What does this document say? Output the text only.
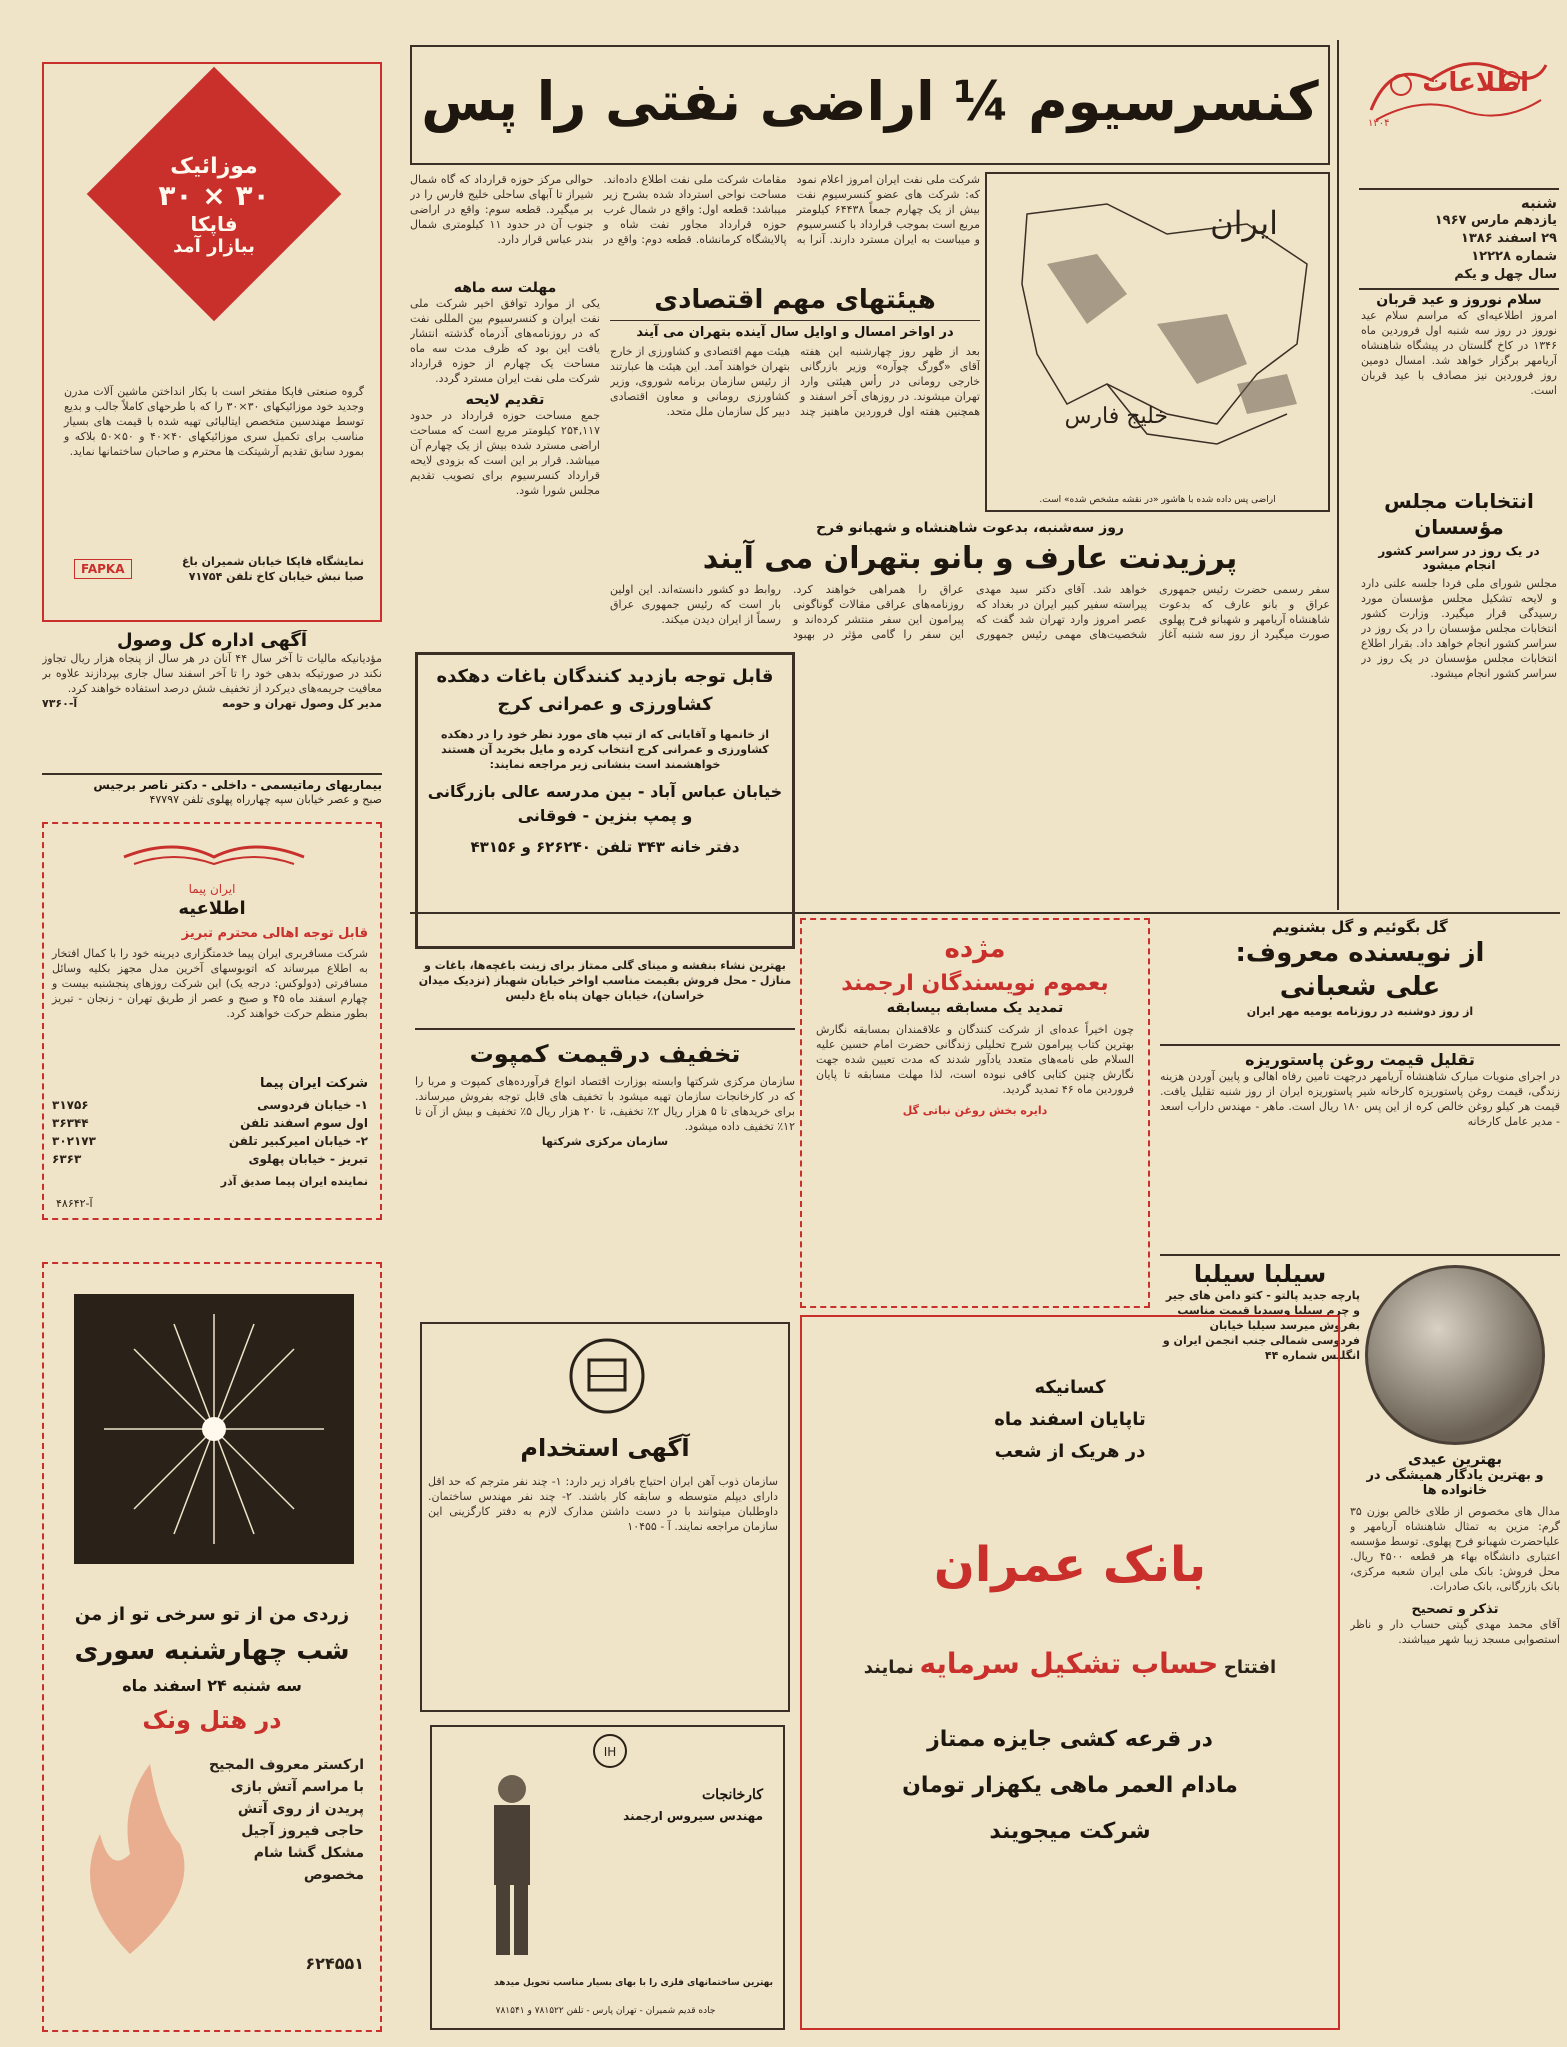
اطلاعات
۱۳۰۴
شنبه
یازدهم مارس ۱۹۶۷
۲۹ اسفند ۱۳۸۶
شماره ۱۲۲۲۸
سال چهل و یکم
سلام نوروز و عید قربان
امروز اطلاعیه‌ای که مراسم سلام عید نوروز در روز سه شنبه اول فروردین ماه ۱۳۴۶ در کاخ گلستان در پیشگاه شاهنشاه آریامهر برگزار خواهد شد. امسال دومین روز فروردین نیز مصادف با عید قربان است.
انتخابات مجلس مؤسسان
در یک روز در سراسر کشور انجام میشود
مجلس شورای ملی فردا جلسه علنی دارد و لایحه تشکیل مجلس مؤسسان مورد رسیدگی قرار میگیرد. وزارت کشور انتخابات مجلس مؤسسان را در یک روز در سراسر کشور انجام خواهد داد. بقرار اطلاع انتخابات مجلس مؤسسان در یک روز در سراسر کشور انجام میشود.
کنسرسیوم ¼ اراضی نفتی را پس
شرکت ملی نفت ایران امروز اعلام نمود که: شرکت های عضو کنسرسیوم نفت بیش از یک چهارم جمعاً ۶۴۴۳۸ کیلومتر مربع است بموجب قرارداد با کنسرسیوم و میباست به ایران مسترد دارند. آنرا به مقامات شرکت ملی نفت اطلاع داده‌اند. مساحت نواحی استرداد شده بشرح زیر میباشد: قطعه اول: واقع در شمال غرب حوزه قرارداد مجاور نفت شاه و پالایشگاه کرمانشاه. قطعه دوم: واقع در حوالی مرکز حوزه قرارداد که گاه شمال شیراز تا آبهای ساحلی خلیج فارس را در بر میگیرد. قطعه سوم: واقع در اراضی جنوب آن در حدود ۱۱ کیلومتری شمال بندر عباس قرار دارد.	ایران
خلیج فارس
اراضی پس داده شده با هاشور «در نقشه مشخص شده» است.
مهلت سه ماهه
یکی از موارد توافق اخیر شرکت ملی نفت ایران و کنسرسیوم بین المللی نفت که در روزنامه‌های آذرماه گذشته انتشار یافت این بود که ظرف مدت سه ماه مساحت یک چهارم از حوزه قرارداد شرکت ملی نفت ایران مسترد گردد.
تقدیم لایحه
جمع مساحت حوزه قرارداد در حدود ۲۵۴,۱۱۷ کیلومتر مربع است که مساحت اراضی مسترد شده بیش از یک چهارم آن میباشد. قرار بر این است که بزودی لایحه قرارداد کنسرسیوم برای تصویب تقدیم مجلس شورا شود.
هیئتهای مهم اقتصادی
در اواخر امسال و اوایل سال آینده بتهران می آیند
بعد از ظهر روز چهارشنبه این هفته آقای «گورگ چوآره» وزیر بازرگانی خارجی رومانی در رأس هیئتی وارد تهران میشوند. در روزهای آخر اسفند و همچنین هفته اول فروردین ماهنیز چند هیئت مهم اقتصادی و کشاورزی از خارج بتهران خواهند آمد. این هیئت ها عبارتند از رئیس سازمان برنامه شوروی، وزیر کشاورزی رومانی و معاون اقتصادی دبیر کل سازمان ملل متحد.
روز سه‌شنبه، بدعوت شاهنشاه و شهبانو فرح
پرزیدنت عارف و بانو بتهران می آیند
سفر رسمی حضرت رئیس جمهوری عراق و بانو عارف که بدعوت شاهنشاه آریامهر و شهبانو فرح پهلوی صورت میگیرد از روز سه شنبه آغاز خواهد شد. آقای دکتر سید مهدی پیراسته سفیر کبیر ایران در بغداد که عصر امروز وارد تهران شد گفت که شخصیت‌های مهمی رئیس جمهوری عراق را همراهی خواهند کرد. روزنامه‌های عراقی مقالات گوناگونی پیرامون این سفر منتشر کرده‌اند و این سفر را گامی مؤثر در بهبود روابط دو کشور دانسته‌اند. این اولین بار است که رئیس جمهوری عراق رسماً از ایران دیدن میکند.
موزائیک
۳۰ × ۳۰
فاپکا
ببازار آمد
گروه صنعتی فاپکا مفتخر است با بکار انداختن ماشین آلات مدرن وجدید خود موزائیکهای ۳۰×۳۰ را که با طرحهای کاملاً جالب و بدیع توسط مهندسین متخصص ایتالیائی تهیه شده با قیمت های بسیار مناسب برای تکمیل سری موزائیکهای ۴۰×۴۰ و ۵۰×۵۰ بلاکه و بمورد سابق تقدیم آرشیتکت ها محترم و صاحبان ساختمانها نماید.
FAPKA
نمایشگاه فاپکا خیابان شمیران باغ صبا نبش خیابان کاخ تلفن ۷۱۷۵۴
آگهی اداره کل وصول
مؤدیانیکه مالیات تا آخر سال ۴۴ آنان در هر سال از پنجاه هزار ریال تجاوز نکند در صورتیکه بدهی خود را تا آخر اسفند سال جاری بپردازند علاوه بر معافیت جریمه‌های دیرکرد از تخفیف شش درصد استفاده خواهند کرد.
مدیر کل وصول تهران و حومه
آ-۷۳۶۰
بیماریهای رماتیسمی - داخلی - دکتر ناصر برجیس
صبح و عصر خیابان سپه چهارراه پهلوی تلفن ۴۷۷۹۷
ایران پیما
اطلاعیه
قابل توجه اهالی محترم تبریز
شرکت مسافربری ایران پیما خدمتگزاری دیرینه خود را با کمال افتخار به اطلاع میرساند که اتوبوسهای آخرین مدل مجهز بکلیه وسائل مسافرتی (دولوکس: درجه یک) این شرکت روزهای پنجشنبه بیست و چهارم اسفند ماه ۴۵ و صبح و عصر از طریق تهران - زنجان - تبریز بطور منظم حرکت خواهند کرد.
شرکت ایران پیما
۱- خیابان فردوسی
۳۱۷۵۶
اول سوم اسفند تلفن
۳۶۳۴۴
۲- خیابان امیرکبیر تلفن
۳۰۲۱۷۳
تبریز - خیابان پهلوی
۶۳۶۳
نماینده ایران پیما صدیق آذر
آ-۴۸۶۴۲
زردی من از تو سرخی تو از من
شب چهارشنبه سوری
سه شنبه ۲۴ اسفند ماه
در هتل ونک
ارکستر معروف المجیح با مراسم آتش بازی پریدن از روی آتش حاجی فیروز آجیل مشکل گشا شام مخصوص
۶۲۴۵۵۱
قابل توجه بازدید کنندگان باغات دهکده کشاورزی و عمرانی کرج
از خانمها و آقایانی که از تیپ های مورد نظر خود را در دهکده کشاورزی و عمرانی کرج انتخاب کرده و مایل بخرید آن هستند خواهشمند است بنشانی زیر مراجعه نمایند:
خیابان عباس آباد - بین مدرسه عالی بازرگانی و پمپ بنزین - فوقانی
دفتر خانه ۳۴۳ تلفن ۶۲۶۲۴۰ و ۴۳۱۵۶
بهترین نشاء بنفشه و مینای گلی ممتاز برای زینت باغچه‌ها، باغات و منازل - محل فروش بقیمت مناسب اواخر خیابان شهباز (نزدیک میدان خراسان)، خیابان جهان پناه باغ دلیس
تخفیف درقیمت کمپوت
سازمان مرکزی شرکتها وابسته بوزارت اقتصاد انواع فرآورده‌های کمپوت و مربا را که در کارخانجات سازمان تهیه میشود با تخفیف های قابل توجه بفروش میرساند. برای خریدهای تا ۵ هزار ریال ۲٪ تخفیف، تا ۲۰ هزار ریال ۵٪ تخفیف و بیش از آن تا ۱۲٪ تخفیف داده میشود.
سازمان مرکزی شرکتها
آگهی استخدام
سازمان ذوب آهن ایران احتیاج بافراد زیر دارد: ۱- چند نفر مترجم که حد اقل دارای دیپلم متوسطه و سابقه کار باشند. ۲- چند نفر مهندس ساختمان. داوطلبان میتوانند با در دست داشتن مدارک لازم به دفتر کارگزینی این سازمان مراجعه نمایند. آ - ۱۰۴۵۵
IH
کارخانجات
مهندس سیروس ارجمند
بهترین ساختمانهای فلزی را با بهای بسیار مناسب تحویل میدهد
جاده قدیم شمیران - تهران پارس - تلفن ۷۸۱۵۲۲ و ۷۸۱۵۴۱
مژده
بعموم نویسندگان ارجمند
تمدید یک مسابقه بیسابقه
چون اخیراً عده‌ای از شرکت کنندگان و علاقمندان بمسابقه نگارش بهترین کتاب پیرامون شرح تحلیلی زندگانی حضرت امام حسین علیه السلام طی نامه‌های متعدد یادآور شدند که مدت تعیین شده جهت نگارش چنین کتابی کافی نبوده است، لذا مهلت مسابقه تا پایان فروردین ماه ۴۶ تمدید گردید.
دایره بخش روغن نباتی گل
گل بگوئیم و گل بشنویم
از نویسنده معروف:
علی شعبانی
از روز دوشنبه در روزنامه یومیه مهر ایران
تقلیل قیمت روغن پاستوریزه
در اجرای منویات مبارک شاهنشاه آریامهر درجهت تامین رفاه اهالی و پایین آوردن هزینه زندگی، قیمت روغن پاستوریزه کارخانه شیر پاستوریزه ایران از روز شنبه تقلیل یافت. قیمت هر کیلو روغن خالص کره از این پس ۱۸۰ ریال است. ماهر - مهندس داراب اسعد - مدیر عامل کارخانه
سیلبا سیلبا
پارچه جدید پالتو - کتو دامن های جیر و چرم سیلبا وسیدیا قیمت مناسب بفروش میرسد سیلبا خیابان فردوسی شمالی جنب انجمن ایران و انگلیس شماره ۴۴
کسانیکه
تاپایان اسفند ماه
در هریک از شعب
بانک عمران
افتتاح حساب تشکیل سرمایه نمایند
در قرعه کشی جایزه ممتاز
مادام العمر ماهی یکهزار تومان
شرکت میجویند
بهترین عیدی
و بهترین یادگار همیشگی در خانواده ها
مدال های مخصوص از طلای خالص بوزن ۳۵ گرم: مزین به تمثال شاهنشاه آریامهر و علیاحضرت شهبانو فرح پهلوی. توسط مؤسسه اعتباری دانشگاه بهاء هر قطعه ۴۵۰۰ ریال. محل فروش: بانک ملی ایران شعبه مرکزی، بانک بازرگانی، بانک صادرات.
تذکر و تصحیح
آقای محمد مهدی گیتی حساب دار و ناظر استصوابی مسجد زیبا شهر میباشند.
